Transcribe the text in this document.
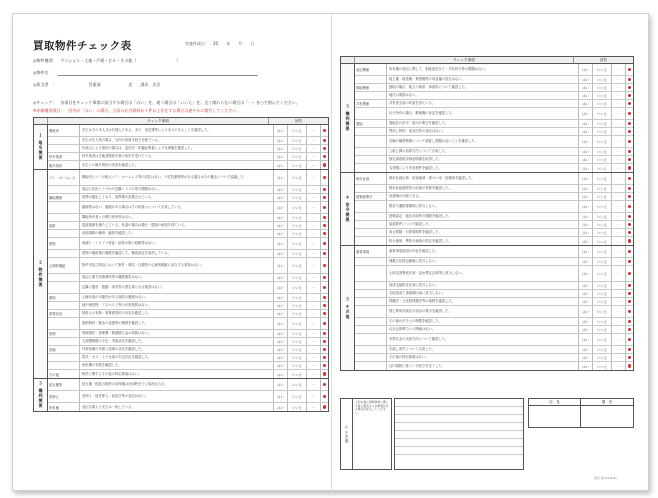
買取物件チェック表	実査作成日：　20　　年　　月　　日
◎物件種別：　マンション・土地・戸建・ビル・その他（　　　　　　　　　　）
◎物件名　：
◎担当者　：　　　　　　　　営業部　　　　　　　店　　課長　氏名
◎チェック：　各項目をチェック事項に該当する場合は「はい」を、違う場合は「いいえ」を、全く関わらない場合は「－」を○で囲んでください。
※赤線種別項目：　回答が「はい」の場合、当該の社内資料が１件以上存在する場合は速やかに報告してください。
チェック事項	回答
１ 取引関係
関係者	売主はその本人又は代理人である。また、登記簿等により本人であることを確認した。	はい	いいえ	－
売主が法人等の場合、社内の決裁手続きを経ている。	はい	いいえ	－
代理人による契約の場合は、委任状・印鑑証明書により代理権を確認した。	はい	いいえ	－
仲介業者	仲介業者は宅地建物取引業の免許を受けている。	はい	いいえ	－
媒介契約	売主との媒介契約の内容を確認した。	はい	いいえ	－
２ 物件関係
ゴミ・ホームレス	敷地内にゴミや粗大ゴミ・ホームレス等の居住はない。不法投棄物等がある場合はその撤去について協議した。	はい	いいえ	－
周辺に住民トラブルや近隣トラブル等の問題はない。	はい	いいえ	－
隣地関係	境界が確定しており、境界標が設置されている。	はい	いいえ	－
越境物はない。越境がある場合はその取扱いについて合意している。	はい	いいえ	－
隣地所有者との間で紛争等はない。	はい	いいえ	－
道路	接道義務を満たしている。私道の場合は通行・掘削の承諾を得ている。	はい	いいえ	－
前面道路の種別・幅員を確認した。	はい	いいえ	－
建物	雨漏り・シロアリ被害・給排水管の故障等はない。	はい	いいえ	－
建物の増改築の履歴を確認した。検査済証を取得している。	はい	いいえ	－
心理的瑕疵	物件内及び周辺において事件・事故・自殺等の心理的瑕疵に該当する事象はない。	はい	いいえ	－
周辺に暴力団事務所等の嫌悪施設はない。	はい	いいえ	－
近隣に騒音・振動・臭気等の発生源となる施設はない。	はい	いいえ	－
環境	土壌汚染の可能性がある施設の履歴はない。	はい	いいえ	－
地中埋設物・アスベスト等の有害物質はない。	はい	いいえ	－
賃貸状況	賃借人の有無・賃貸借契約の内容を確認した。	はい	いいえ	－
滞納賃料・敷金の返還等の債務を確認した。	はい	いいえ	－
管理	管理規約・管理費・修繕積立金の滞納はない。	はい	いいえ	－
大規模修繕の予定・実施状況を確認した。	はい	いいえ	－
設備	付帯設備の有無と故障の状況を確認した。	はい	いいえ	－
電気・ガス・上下水道の引込状況を確認した。	はい	いいえ	－
浄化槽の有無を確認した。	はい	いいえ	－
その他	物件に関するその他の特記事項はない。	はい	いいえ	－
３ 権利関係	抵当権等	抵当権・根抵当権等の担保権は決済時までに抹消される。	はい	いいえ	－
差押え	差押え・仮差押え・仮処分等の登記はない。	はい	いいえ	－
所有権	登記名義人と売主は一致している。	はい	いいえ	－
チェック事項	回答
３ 権利関係
登記関係	所有権の登記に関して、相続登記未了・共有持分等の問題はない。	はい	いいえ	－
地上権・地役権・賃借権等の用益権の設定はない。	はい	いいえ	－
借地関係	借地の場合、地主の承諾・承諾料について確認した。	はい	いいえ	－
地代の滞納はない。	はい	いいえ	－
共有関係	共有者全員の同意を得ている。	はい	いいえ	－
区分所有の場合、敷地権の登記を確認した。	はい	いいえ	－
農地	農地法の許可・届出の要否を確認した。	はい	いいえ	－
買戻し特約・仮登記等の登記はない。	はい	いいえ	－
各種の権利関係について調査し問題のないことを確認した。	はい	いいえ	－
公租公課の清算方法について合意した。	はい	いいえ	－
固定資産税評価証明書を取得した。	はい	いいえ	－
名寄帳により所有物件を確認した。	はい	いいえ	－
４ 法令関係
都市計画	都市計画区域・用途地域・建ぺい率・容積率を確認した。	はい	いいえ	－
都市計画道路等の計画の有無を確認した。	はい	いいえ	－
建築基準法	再建築が可能である。	はい	いいえ	－
既存不適格建築物に該当しない。	はい	いいえ	－
建築協定・地区計画等の制限を確認した。	はい	いいえ	－
接道要件について確認した。	はい	いいえ	－
高さ制限・日影規制等を確認した。	はい	いいえ	－
防火地域・準防火地域の指定を確認した。	はい	いいえ	－
５ その他
重要事項	重要事項説明の内容を確認した。	はい	いいえ	－
埋蔵文化財包蔵地に該当しない。	はい	いいえ	－
土砂災害警戒区域・浸水想定区域等に該当しない。	はい	いいえ	－
造成宅地防災区域に該当しない。	はい	いいえ	－
宅地造成工事規制区域に該当しない。	はい	いいえ	－
景観法・文化財保護法等の規制を確認した。	はい	いいえ	－
国土利用計画法の届出の要否を確認した。	はい	いいえ	－
その他の法令上の制限を確認した。	はい	いいえ	－
反社会的勢力との関係はない。	はい	いいえ	－
売買代金の決済方法について確認した。	はい	いいえ	－
引渡し条件について合意した。	はい	いいえ	－
その他の特記事項はない。	はい	いいえ	－
社内規程に基づく手続きを完了した。	はい	いいえ	－
６ その他
上記の他に買取物件に関して特に報告すべき事項がある場合は記入してください。
店　長	課　長
書式-買-01-R-01
